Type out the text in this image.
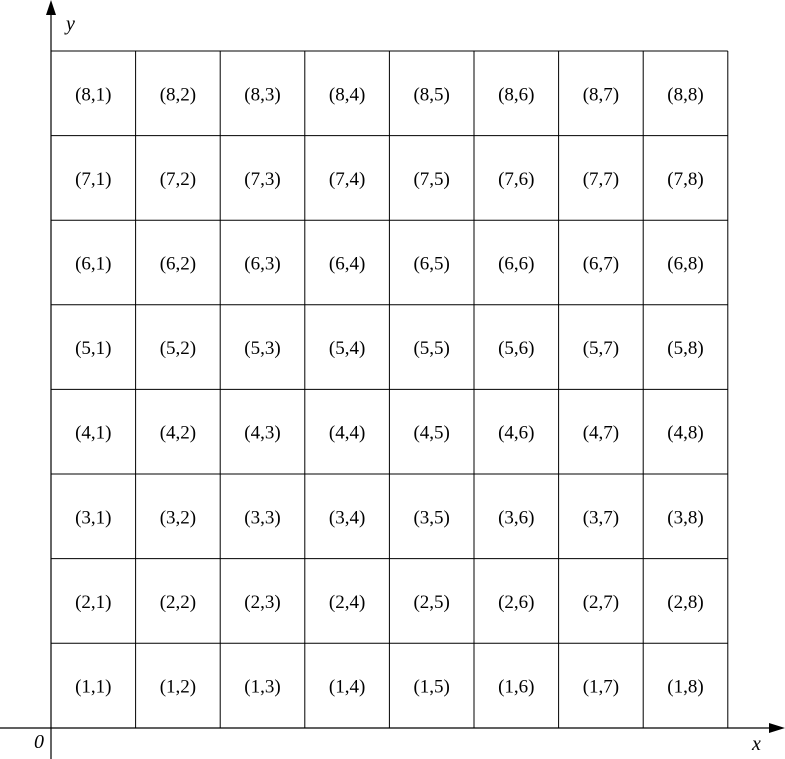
y
x
0
(8,1)	(8,2)	(8,3)	(8,4)	(8,5)	(8,6)	(8,7)	(8,8)
(7,1)	(7,2)	(7,3)	(7,4)	(7,5)	(7,6)	(7,7)	(7,8)
(6,1)	(6,2)	(6,3)	(6,4)	(6,5)	(6,6)	(6,7)	(6,8)
(5,1)	(5,2)	(5,3)	(5,4)	(5,5)	(5,6)	(5,7)	(5,8)
(4,1)	(4,2)	(4,3)	(4,4)	(4,5)	(4,6)	(4,7)	(4,8)
(3,1)	(3,2)	(3,3)	(3,4)	(3,5)	(3,6)	(3,7)	(3,8)
(2,1)	(2,2)	(2,3)	(2,4)	(2,5)	(2,6)	(2,7)	(2,8)
(1,1)	(1,2)	(1,3)	(1,4)	(1,5)	(1,6)	(1,7)	(1,8)
